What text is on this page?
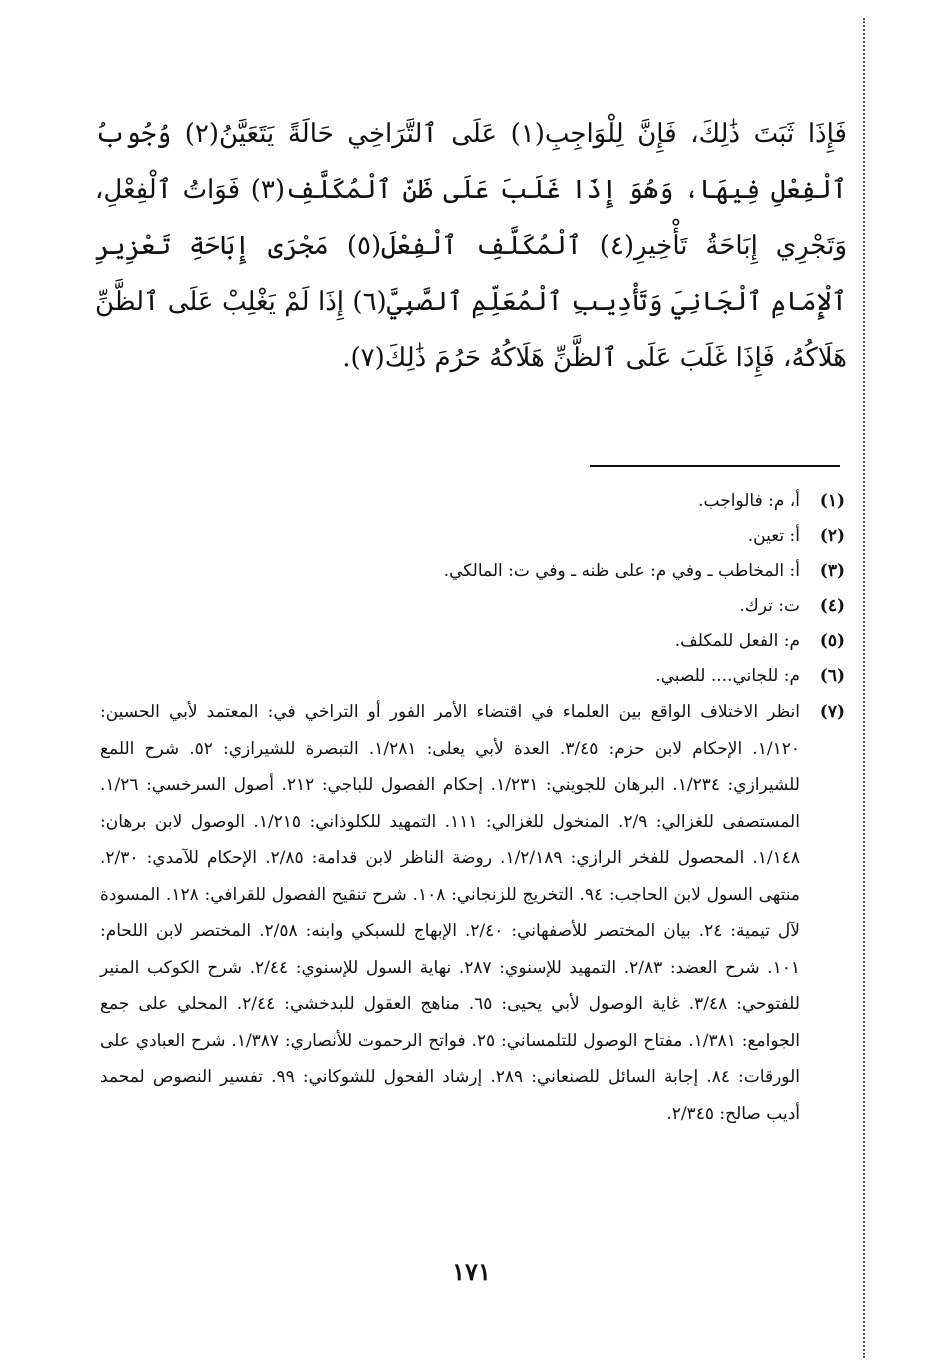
فَإِذَا ثَبَتَ ذَٰلِكَ، فَإِنَّ لِلْوَاجِبِ(١) عَلَى ٱلتَّرَاخِي حَالَةً يَتَعَيَّنُ(٢) وُجُوبُ ٱلْفِعْلِ فِيهَا، وَهُوَ إِذَا غَلَبَ عَلَى ظَنِّ ٱلْمُكَلَّفِ(٣) فَوَاتُ ٱلْفِعْلِ، وَتَجْرِي إِبَاحَةُ تَأْخِيرِ(٤) ٱلْمُكَلَّفِ ٱلْفِعْلَ(٥) مَجْرَى إِبَاحَةِ تَعْزِيرِ ٱلْإِمَامِ ٱلْجَانِيَ وَتَأْدِيبِ ٱلْمُعَلِّمِ ٱلصَّبِيَّ(٦) إِذَا لَمْ يَغْلِبْ عَلَى ٱلظَّنِّ هَلَاكُهُ، فَإِذَا غَلَبَ عَلَى ٱلظَّنِّ هَلَاكُهُ حَرُمَ ذَٰلِكَ(٧).
(١)
أ، م: فالواجب.
(٢)
أ: تعين.
(٣)
أ: المخاطب ـ وفي م: على ظنه ـ وفي ت: المالكي.
(٤)
ت: ترك.
(٥)
م: الفعل للمكلف.
(٦)
م: للجاني.... للصبي.
(٧)
انظر الاختلاف الواقع بين العلماء في اقتضاء الأمر الفور أو التراخي في: المعتمد لأبي الحسين: ١/١٢٠. الإحكام لابن حزم: ٣/٤٥. العدة لأبي يعلى: ١/٢٨١. التبصرة للشيرازي: ٥٢. شرح اللمع للشيرازي: ١/٢٣٤. البرهان للجويني: ١/٢٣١. إحكام الفصول للباجي: ٢١٢. أصول السرخسي: ١/٢٦. المستصفى للغزالي: ٢/٩. المنخول للغزالي: ١١١. التمهيد للكلوذاني: ١/٢١٥. الوصول لابن برهان: ١/١٤٨. المحصول للفخر الرازي: ١/٢/١٨٩. روضة الناظر لابن قدامة: ٢/٨٥. الإحكام للآمدي: ٢/٣٠. منتهى السول لابن الحاجب: ٩٤. التخريج للزنجاني: ١٠٨. شرح تنقيح الفصول للقرافي: ١٢٨. المسودة لآل تيمية: ٢٤. بيان المختصر للأصفهاني: ٢/٤٠. الإبهاج للسبكي وابنه: ٢/٥٨. المختصر لابن اللحام: ١٠١. شرح العضد: ٢/٨٣. التمهيد للإسنوي: ٢٨٧. نهاية السول للإسنوي: ٢/٤٤. شرح الكوكب المنير للفتوحي: ٣/٤٨. غاية الوصول لأبي يحيى: ٦٥. مناهج العقول للبدخشي: ٢/٤٤. المحلي على جمع الجوامع: ١/٣٨١. مفتاح الوصول للتلمساني: ٢٥. فواتح الرحموت للأنصاري: ١/٣٨٧. شرح العبادي على الورقات: ٨٤. إجابة السائل للصنعاني: ٢٨٩. إرشاد الفحول للشوكاني: ٩٩. تفسير النصوص لمحمد أديب صالح: ٢/٣٤٥.
١٧١
